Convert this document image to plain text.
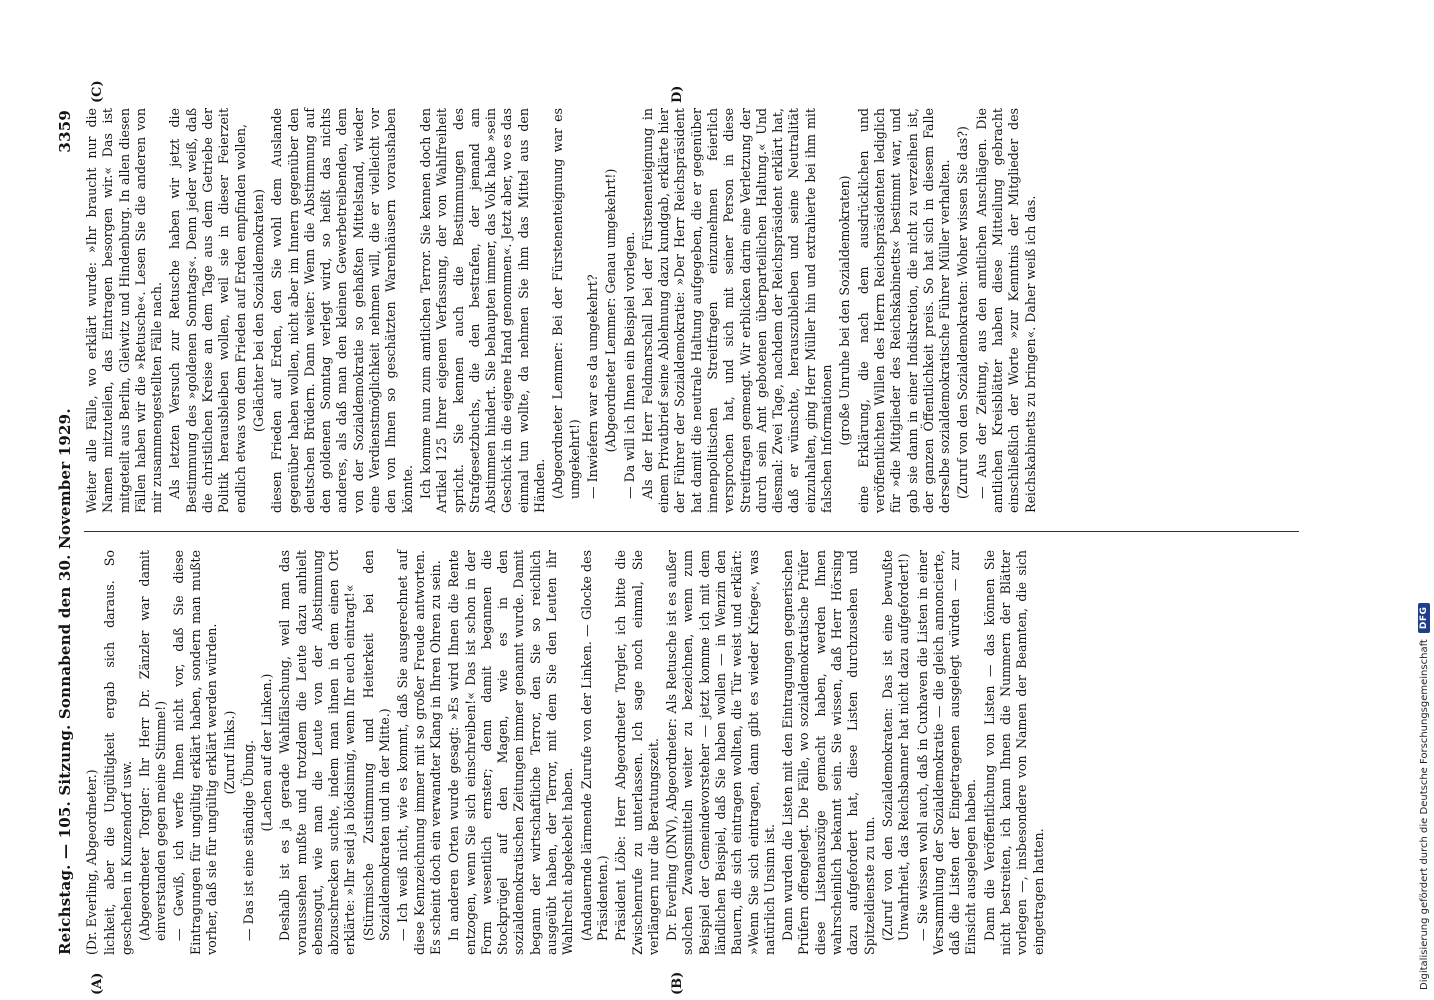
Reichstag. — 105. Sitzung. Sonnabend den 30. November 1929.
3359
(A)	(B)
(C)	D)

(Dr. Everling, Abgeordneter.) lichkeit, aber die Ungültigkeit ergab sich daraus. So geschehen in Kunzendorf usw. (Abgeordneter Torgler: Ihr Herr Dr. Zänzler war damit einverstanden gegen meine Stimme!) — Gewiß, ich werfe Ihnen nicht vor, daß Sie diese Eintragungen für ungültig erklärt haben, sondern man mußte vorher, daß sie für ungültig erklärt werden würden. (Zuruf links.) — Das ist eine ständige Übung. (Lachen auf der Linken.) Deshalb ist es ja gerade Wahlfälschung, weil man das voraussehen mußte und trotzdem die Leute dazu anhielt ebensogut, wie man die Leute von der Abstimmung abzuschrecken suchte, indem man ihnen in dem einen Ort erklärte: »Ihr seid ja blödsinnig, wenn Ihr euch eintragt!« (Stürmische Zustimmung und Heiterkeit bei den Sozialdemokraten und in der Mitte.) — Ich weiß nicht, wie es kommt, daß Sie ausgerechnet auf diese Kennzeichnung immer mit so großer Freude antworten. Es scheint doch ein verwandter Klang in Ihren Ohren zu sein. In anderen Orten wurde gesagt: »Es wird Ihnen die Rente entzogen, wenn Sie sich einschreiben!« Das ist schon in der Form wesentlich ernster; denn damit begannen die Stockprügel auf den Magen, wie es in den sozialdemokratischen Zeitungen immer genannt wurde. Damit begann der wirtschaftliche Terror, den Sie so reichlich ausgeübt haben, der Terror, mit dem Sie den Leuten ihr Wahlrecht abgekebelt haben. (Andauernde lärmende Zurufe von der Linken. — Glocke des Präsidenten.) Präsident Löbe: Herr Abgeordneter Torgler, ich bitte die Zwischenrufe zu unterlassen. Ich sage noch einmal, Sie verlängern nur die Beratungszeit. Dr. Everling (DNV), Abgeordneter: Als Retusche ist es außer solchen Zwangsmitteln weiter zu bezeichnen, wenn zum Beispiel der Gemeindevorsteher — jetzt komme ich mit dem ländlichen Beispiel, daß Sie haben wollen — in Wenzin den Bauern, die sich eintragen wollten, die Tür weist und erklärt: »Wenn Sie sich eintragen, dann gibt es wieder Kriege«, was natürlich Unsinn ist. Dann wurden die Listen mit den Eintragungen gegnerischen Prüfern offengelegt. Die Fälle, wo sozialdemokratische Prüfer diese Listenauszüge gemacht haben, werden Ihnen wahrscheinlich bekannt sein. Sie wissen, daß Herr Hörsing dazu aufgefordert hat, diese Listen durchzusehen und Spitzeldienste zu tun. (Zuruf von den Sozialdemokraten: Das ist eine bewußte Unwahrheit, das Reichsbanner hat nicht dazu aufgefordert!) — Sie wissen wohl auch, daß in Cuxhaven die Listen in einer Versammlung der Sozialdemokratie — die gleich annoncierte, daß die Listen der Eingetragenen ausgelegt würden — zur Einsicht ausgelegen haben. Dann die Veröffentlichung von Listen — das können Sie nicht bestreiten, ich kann Ihnen die Nummern der Blätter vorlegen —, insbesondere von Namen der Beamten, die sich eingetragen hatten.

Weiter alle Fälle, wo erklärt wurde: »Ihr braucht nur die Namen mitzuteilen, das Eintragen besorgen wir.« Das ist mitgeteilt aus Berlin, Gleiwitz und Hindenburg. In allen diesen Fällen haben wir die »Retusche«. Lesen Sie die anderen von mir zusammengestellten Fälle nach. Als letzten Versuch zur Retusche haben wir jetzt die Bestimmung des »goldenen Sonntags«. Denn jeder weiß, daß die christlichen Kreise an dem Tage aus dem Getriebe der Politik herausbleiben wollen, weil sie in dieser Feierzeit endlich etwas von dem Frieden auf Erden empfinden wollen, (Gelächter bei den Sozialdemokraten) diesen Frieden auf Erden, den Sie wohl dem Auslande gegenüber haben wollen, nicht aber im Innern gegenüber den deutschen Brüdern. Dann weiter: Wenn die Abstimmung auf den goldenen Sonntag verlegt wird, so heißt das nichts anderes, als daß man den kleinen Gewerbetreibenden, dem von der Sozialdemokratie so gehaßten Mittelstand, wieder eine Verdienstmöglichkeit nehmen will, die er vielleicht vor den von Ihnen so geschätzten Warenhäusern voraushaben könnte. Ich komme nun zum amtlichen Terror. Sie kennen doch den Artikel 125 Ihrer eigenen Verfassung, der von Wahlfreiheit spricht. Sie kennen auch die Bestimmungen des Strafgesetzbuchs, die den bestrafen, der jemand am Abstimmen hindert. Sie behaupten immer, das Volk habe »sein Geschick in die eigene Hand genommen«. Jetzt aber, wo es das einmal tun wollte, da nehmen Sie ihm das Mittel aus den Händen. (Abgeordneter Lemmer: Bei der Fürstenenteignung war es umgekehrt!) — Inwiefern war es da umgekehrt? (Abgeordneter Lemmer: Genau umgekehrt!) — Da will ich Ihnen ein Beispiel vorlegen. Als der Herr Feldmarschall bei der Fürstenenteignung in einem Privatbrief seine Ablehnung dazu kundgab, erklärte hier der Führer der Sozialdemokratie: »Der Herr Reichspräsident hat damit die neutrale Haltung aufgegeben, die er gegenüber innenpolitischen Streitfragen einzunehmen feierlich versprochen hat, und sich mit seiner Person in diese Streitfragen gemengt. Wir erblicken darin eine Verletzung der durch sein Amt gebotenen überparteilichen Haltung.« Und diesmal: Zwei Tage, nachdem der Reichspräsident erklärt hat, daß er wünschte, herauszubleiben und seine Neutralität einzuhalten, ging Herr Müller hin und extrahierte bei ihm mit falschen Informationen (große Unruhe bei den Sozialdemokraten) eine Erklärung, die nach dem ausdrücklichen und veröffentlichten Willen des Herrn Reichspräsidenten lediglich für »die Mitglieder des Reichskabinetts« bestimmt war, und gab sie dann in einer Indiskretion, die nicht zu verzeihen ist, der ganzen Öffentlichkeit preis. So hat sich in diesem Falle derselbe sozialdemokratische Führer Müller verhalten. (Zuruf von den Sozialdemokraten: Woher wissen Sie das?) — Aus der Zeitung, aus den amtlichen Anschlägen. Die amtlichen Kreisblätter haben diese Mitteilung gebracht einschließlich der Worte »zur Kenntnis der Mitglieder des Reichskabinetts zu bringen«. Daher weiß ich das.

Digitalisierung gefördert durch die Deutsche Forschungsgemeinschaft
DFG
